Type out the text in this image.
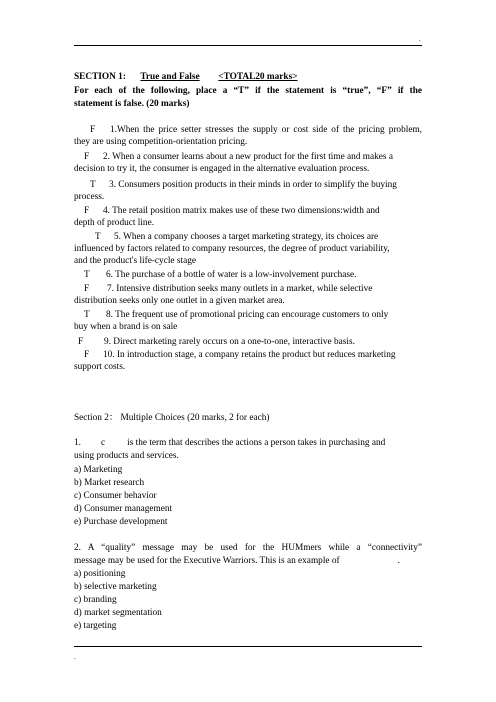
.
SECTION 1:  True and False <TOTAL20 marks>
For each of the following, place a “T” if the statement is “true”, “F” if the
statement is false. (20 marks)
F 1.When the price setter stresses the supply or cost side of the pricing problem,
they are using competition-orientation pricing.
F 2. When a consumer learns about a new product for the first time and makes a
decision to try it, the consumer is engaged in the alternative evaluation process.
T 3. Consumers position products in their minds in order to simplify the buying
process.
F 4. The retail position matrix makes use of these two dimensions:width and
depth of product line.
T 5. When a company chooses a target marketing strategy, its choices are
influenced by factors related to company resources, the degree of product variability,
and the product's life-cycle stage
T 6. The purchase of a bottle of water is a low-involvement purchase.
F 7. Intensive distribution seeks many outlets in a market, while selective
distribution seeks only one outlet in a given market area.
T 8. The frequent use of promotional pricing can encourage customers to only
buy when a brand is on sale
F 9. Direct marketing rarely occurs on a one-to-one, interactive basis.
F 10. In introduction stage, a company retains the product but reduces marketing
support costs.
Section 2： Multiple Choices (20 marks, 2 for each)
1. c is the term that describes the actions a person takes in purchasing and
using products and services.
a) Marketing
b) Market research
c) Consumer behavior
d) Consumer management
e) Purchase development
2. A “quality” message may be used for the HUMmers while a “connectivity”
message may be used for the Executive Warriors. This is an example of	.
a) positioning
b) selective marketing
c) branding
d) market segmentation
e) targeting
.
